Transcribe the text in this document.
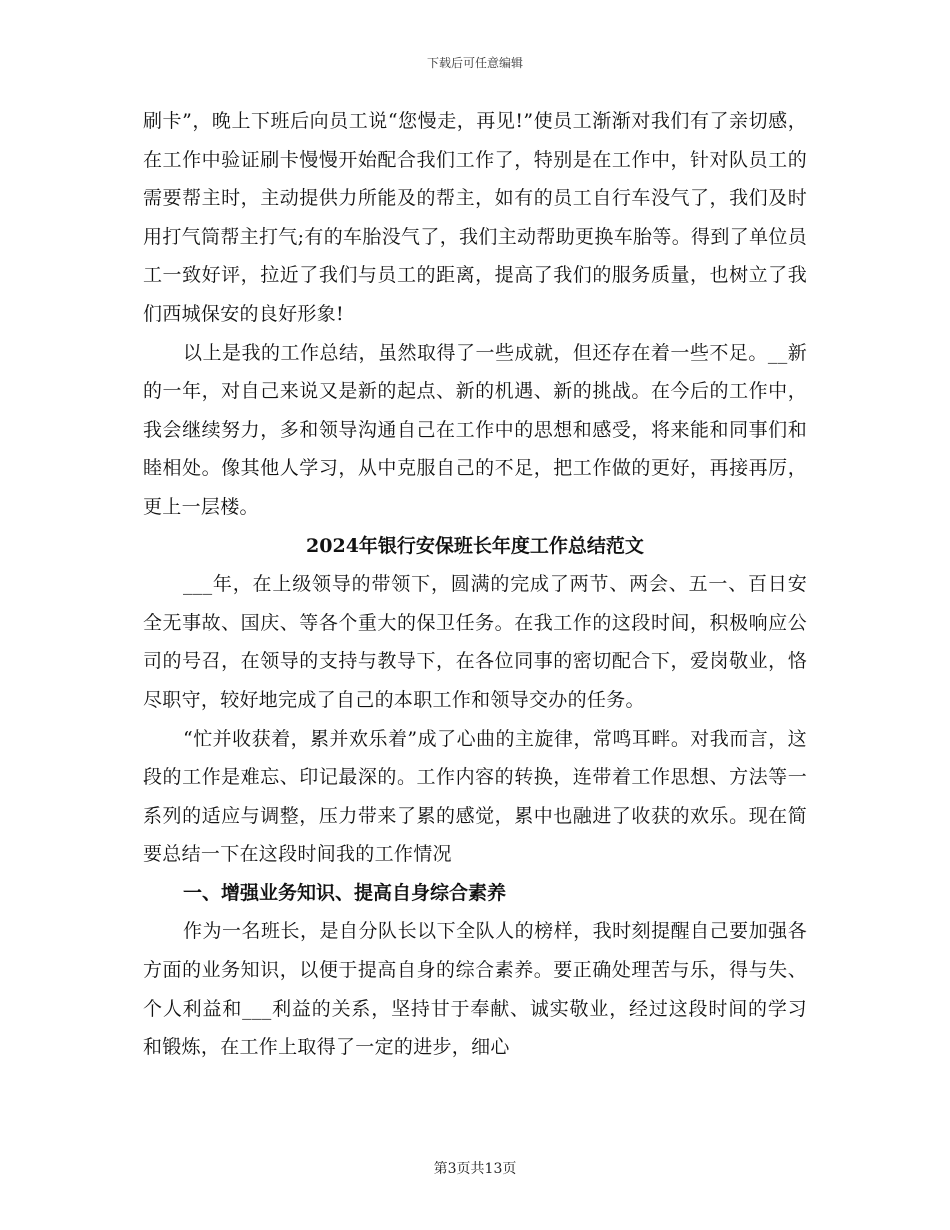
下载后可任意编辑

刷卡”，晚上下班后向员工说“您慢走，再见!”使员工渐渐对我们有了亲切感，在工作中验证刷卡慢慢开始配合我们工作了，特别是在工作中，针对队员工的需要帮主时，主动提供力所能及的帮主，如有的员工自行车没气了，我们及时用打气筒帮主打气;有的车胎没气了，我们主动帮助更换车胎等。得到了单位员工一致好评，拉近了我们与员工的距离，提高了我们的服务质量，也树立了我们西城保安的良好形象!

以上是我的工作总结，虽然取得了一些成就，但还存在着一些不足。__新的一年，对自己来说又是新的起点、新的机遇、新的挑战。在今后的工作中，我会继续努力，多和领导沟通自己在工作中的思想和感受，将来能和同事们和睦相处。像其他人学习，从中克服自己的不足，把工作做的更好，再接再厉，更上一层楼。

2024年银行安保班长年度工作总结范文

___年，在上级领导的带领下，圆满的完成了两节、两会、五一、百日安全无事故、国庆、等各个重大的保卫任务。在我工作的这段时间，积极响应公司的号召，在领导的支持与教导下，在各位同事的密切配合下，爱岗敬业，恪尽职守，较好地完成了自己的本职工作和领导交办的任务。

“忙并收获着，累并欢乐着”成了心曲的主旋律，常鸣耳畔。对我而言，这段的工作是难忘、印记最深的。工作内容的转换，连带着工作思想、方法等一系列的适应与调整，压力带来了累的感觉，累中也融进了收获的欢乐。现在简要总结一下在这段时间我的工作情况

一、增强业务知识、提高自身综合素养

作为一名班长，是自分队长以下全队人的榜样，我时刻提醒自己要加强各方面的业务知识，以便于提高自身的综合素养。要正确处理苦与乐，得与失、个人利益和___利益的关系，坚持甘于奉献、诚实敬业，经过这段时间的学习和锻炼，在工作上取得了一定的进步，细心

第3页共13页
